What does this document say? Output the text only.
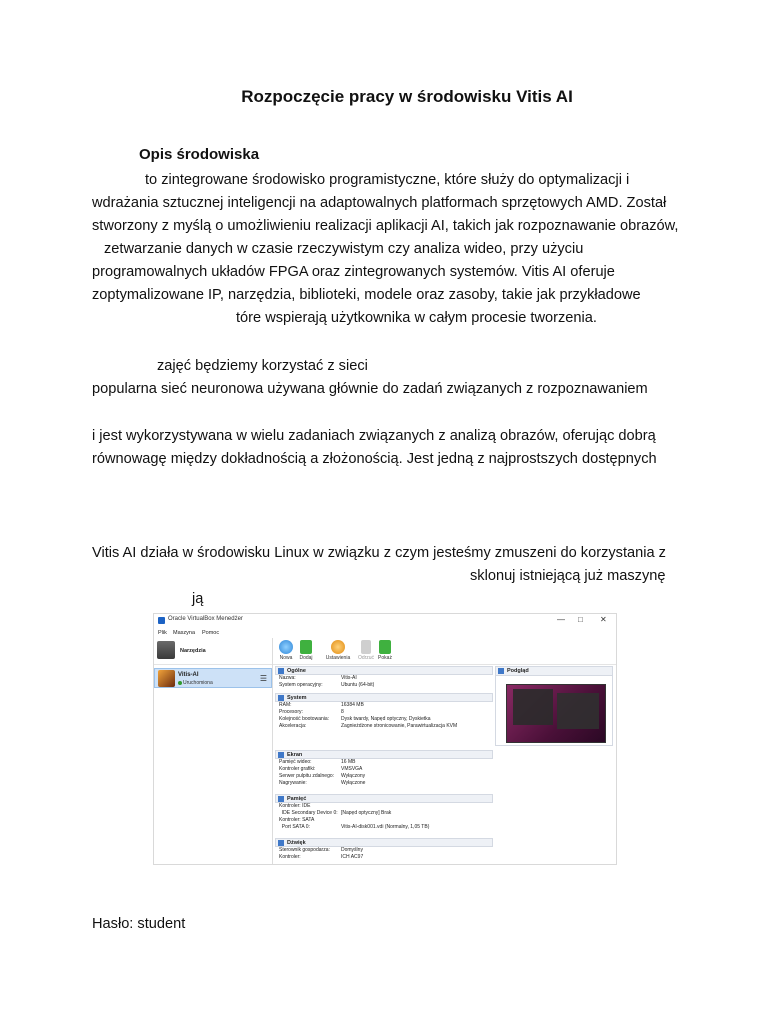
Rozpoczęcie pracy w środowisku Vitis AI
Opis środowiska
to zintegrowane środowisko programistyczne, które służy do optymalizacji i
wdrażania sztucznej inteligencji na adaptowalnych platformach sprzętowych AMD. Został
stworzony z myślą o umożliwieniu realizacji aplikacji AI, takich jak rozpoznawanie obrazów,
zetwarzanie danych w czasie rzeczywistym czy analiza wideo, przy użyciu
programowalnych układów FPGA oraz zintegrowanych systemów. Vitis AI oferuje
zoptymalizowane IP, narzędzia, biblioteki, modele oraz zasoby, takie jak przykładowe
tóre wspierają użytkownika w całym procesie tworzenia.
zajęć będziemy korzystać z sieci
popularna sieć neuronowa używana głównie do zadań związanych z rozpoznawaniem
i jest wykorzystywana w wielu zadaniach związanych z analizą obrazów, oferując dobrą
równowagę między dokładnością a złożonością. Jest jedną z najprostszych dostępnych
Vitis AI działa w środowisku Linux w związku z czym jesteśmy zmuszeni do korzystania z
sklonuj istniejącą już maszynę
ją
Oracle VirtualBox Menedżer	— □ ✕
Plik Maszyna Pomoc
Narzędzia
Vitis-AI
Uruchomiona	☰
Nowa	Dodaj	Ustawienia	Odrzuć Pokaż
Ogólne
Nazwa:	Vitis-AI
System operacyjny:	Ubuntu (64-bit)
System
RAM:	16384 MB
Procesory:	8
Kolejność bootowania: Dysk twardy, Napęd optyczny, Dyskietka
Akceleracja:	Zagnieżdżone stronicowanie, Parawirtualizacja KVM
Ekran
Pamięć wideo:	16 MB
Kontroler grafiki:	VMSVGA
Serwer pulpitu zdalnego: Wyłączony
Nagrywanie:	Wyłączone
Pamięć
Kontroler: IDE
IDE Secondary Device 0: [Napęd optyczny] Brak
Kontroler: SATA
Port SATA 0:	Vitis-AI-disk001.vdi (Normalny, 1,05 TB)
Dźwięk
Sterownik gospodarza: Domyślny
Kontroler:	ICH AC97
Podgląd
Hasło: student
